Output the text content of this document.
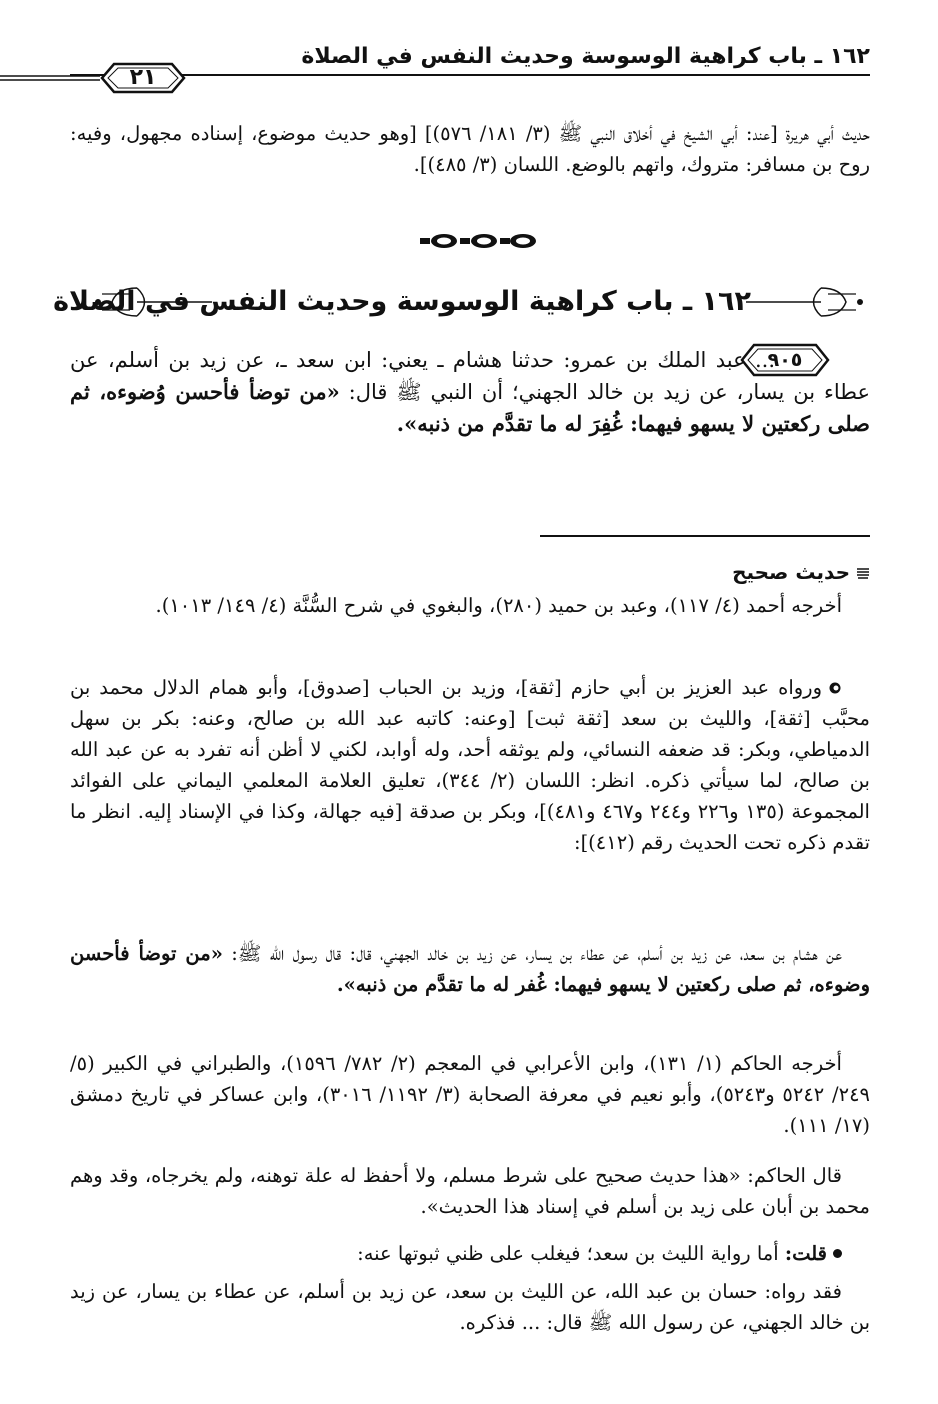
١٦٢ ـ باب كراهية الوسوسة وحديث النفس في الصلاة
٢١
حديث أبي هريرة [عند: أبي الشيخ في أخلاق النبي ﷺ (٣/ ١٨١/ ٥٧٦)] [وهو حديث موضوع، إسناده مجهول، وفيه: روح بن مسافر: متروك، واتهم بالوضع. اللسان (٣/ ٤٨٥)].
١٦٢ ـ باب كراهية الوسوسة وحديث النفس في الصلاة
٩٠٥
... عبد الملك بن عمرو: حدثنا هشام ـ يعني: ابن سعد ـ، عن زيد بن أسلم، عن عطاء بن يسار، عن زيد بن خالد الجهني؛ أن النبي ﷺ قال: «من توضأ فأحسن وُضوءه، ثم صلى ركعتين لا يسهو فيهما: غُفِرَ له ما تقدَّم من ذنبه».
حديث صحيح
أخرجه أحمد (٤/ ١١٧)، وعبد بن حميد (٢٨٠)، والبغوي في شرح السُّنَّة (٤/ ١٤٩/ ١٠١٣).
ورواه عبد العزيز بن أبي حازم [ثقة]، وزيد بن الحباب [صدوق]، وأبو همام الدلال محمد بن محبَّب [ثقة]، والليث بن سعد [ثقة ثبت] [وعنه: كاتبه عبد الله بن صالح، وعنه: بكر بن سهل الدمياطي، وبكر: قد ضعفه النسائي، ولم يوثقه أحد، وله أوابد، لكني لا أظن أنه تفرد به عن عبد الله بن صالح، لما سيأتي ذكره. انظر: اللسان (٢/ ٣٤٤)، تعليق العلامة المعلمي اليماني على الفوائد المجموعة (١٣٥ و٢٢٦ و٢٤٤ و٤٦٧ و٤٨١)]، وبكر بن صدقة [فيه جهالة، وكذا في الإسناد إليه. انظر ما تقدم ذكره تحت الحديث رقم (٤١٢)]:
عن هشام بن سعد، عن زيد بن أسلم، عن عطاء بن يسار، عن زيد بن خالد الجهني، قال: قال رسول الله ﷺ: «من توضأ فأحسن وضوءه، ثم صلى ركعتين لا يسهو فيهما: غُفر له ما تقدَّم من ذنبه».
أخرجه الحاكم (١/ ١٣١)، وابن الأعرابي في المعجم (٢/ ٧٨٢/ ١٥٩٦)، والطبراني في الكبير (٥/ ٢٤٩/ ٥٢٤٢ و٥٢٤٣)، وأبو نعيم في معرفة الصحابة (٣/ ١١٩٢/ ٣٠١٦)، وابن عساكر في تاريخ دمشق (١٧/ ١١١).
قال الحاكم: «هذا حديث صحيح على شرط مسلم، ولا أحفظ له علة توهنه، ولم يخرجاه، وقد وهم محمد بن أبان على زيد بن أسلم في إسناد هذا الحديث».
قلت: أما رواية الليث بن سعد؛ فيغلب على ظني ثبوتها عنه:
فقد رواه: حسان بن عبد الله، عن الليث بن سعد، عن زيد بن أسلم، عن عطاء بن يسار، عن زيد بن خالد الجهني، عن رسول الله ﷺ قال: ... فذكره.
